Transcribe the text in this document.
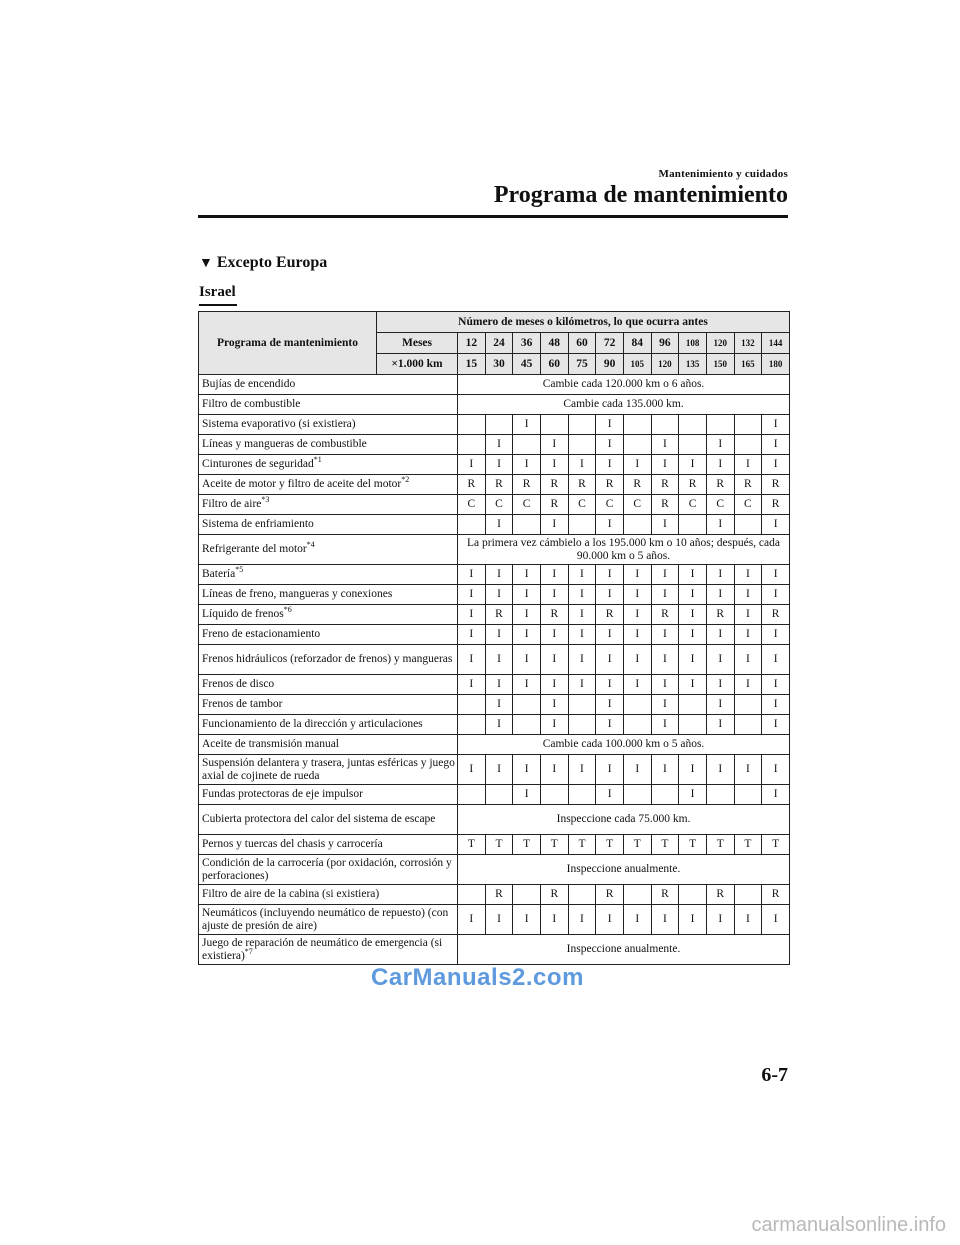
Mantenimiento y cuidados
Programa de mantenimiento
▼ Excepto Europa
Israel
Programa de mantenimiento	Número de meses o kilómetros, lo que ocurra antes												
	Meses	12	24	36	48	60	72	84	96	108	120	132	144
	×1.000 km	15	30	45	60	75	90	105	120	135	150	165	180
Bujías de encendido		Cambie cada 120.000 km o 6 años.											
Filtro de combustible		Cambie cada 135.000 km.											
Sistema evaporativo (si existiera)				I			I						I
Líneas y mangueras de combustible			I		I		I		I		I		I
Cinturones de seguridad$^{*1}$		I	I	I	I	I	I	I	I	I	I	I	I
Aceite de motor y filtro de aceite del motor$^{*2}$		R	R	R	R	R	R	R	R	R	R	R	R
Filtro de aire$^{*3}$		C	C	C	R	C	C	C	R	C	C	C	R
Sistema de enfriamiento			I		I		I		I		I		I
Refrigerante del motor$^{*4}$		La primera vez cámbielo a los 195.000 km o 10 años; después, cada 90.000 km o 5 años.											
Batería$^{*5}$		I	I	I	I	I	I	I	I	I	I	I	I
Líneas de freno, mangueras y conexiones		I	I	I	I	I	I	I	I	I	I	I	I
Líquido de frenos$^{*6}$		I	R	I	R	I	R	I	R	I	R	I	R
Freno de estacionamiento		I	I	I	I	I	I	I	I	I	I	I	I
Frenos hidráulicos (reforzador de frenos) y mangueras		I	I	I	I	I	I	I	I	I	I	I	I
Frenos de disco		I	I	I	I	I	I	I	I	I	I	I	I
Frenos de tambor			I		I		I		I		I		I
Funcionamiento de la dirección y articulaciones			I		I		I		I		I		I
Aceite de transmisión manual		Cambie cada 100.000 km o 5 años.											
Suspensión delantera y trasera, juntas esféricas y juego axial de cojinete de rueda		I	I	I	I	I	I	I	I	I	I	I	I
Fundas protectoras de eje impulsor				I			I			I			I
Cubierta protectora del calor del sistema de escape		Inspeccione cada 75.000 km.											
Pernos y tuercas del chasis y carrocería		T	T	T	T	T	T	T	T	T	T	T	T
Condición de la carrocería (por oxidación, corrosión y perforaciones)		Inspeccione anualmente.											
Filtro de aire de la cabina (si existiera)			R		R		R		R		R		R
Neumáticos (incluyendo neumático de repuesto) (con ajuste de presión de aire)		I	I	I	I	I	I	I	I	I	I	I	I
Juego de reparación de neumático de emergencia (si existiera)$^{*7}$		Inspeccione anualmente.											
CarManuals2.com
6-7
carmanualsonline.info
